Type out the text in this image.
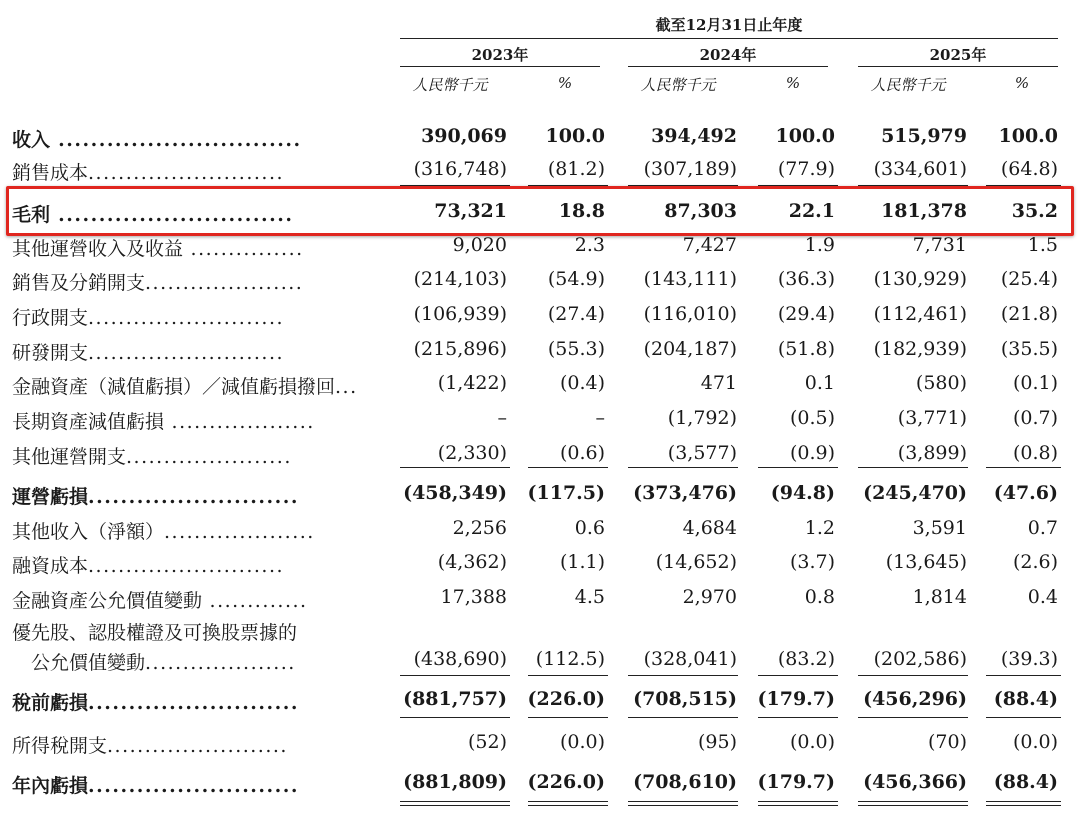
截至12月31日止年度
2023年	2024年	2025年
人民幣千元	%	人民幣千元	%	人民幣千元	%
收入 ..............................	390,069	100.0	394,492	100.0	515,979	100.0
銷售成本..........................	(316,748)	(81.2)	(307,189)	(77.9)	(334,601)	(64.8)
毛利 .............................	73,321	18.8	87,303	22.1	181,378	35.2
其他運營收入及收益 ...............	9,020	2.3	7,427	1.9	7,731	1.5
銷售及分銷開支.....................	(214,103)	(54.9)	(143,111)	(36.3)	(130,929)	(25.4)
行政開支..........................	(106,939)	(27.4)	(116,010)	(29.4)	(112,461)	(21.8)
研發開支..........................	(215,896)	(55.3)	(204,187)	(51.8)	(182,939)	(35.5)
金融資產（減值虧損）／減值虧損撥回...	(1,422)	(0.4)	471	0.1	(580)	(0.1)
長期資產減值虧損 ...................	–	–	(1,792)	(0.5)	(3,771)	(0.7)
其他運營開支......................	(2,330)	(0.6)	(3,577)	(0.9)	(3,899)	(0.8)
運營虧損..........................	(458,349)	(117.5)	(373,476)	(94.8)	(245,470)	(47.6)
其他收入（淨額）....................	2,256	0.6	4,684	1.2	3,591	0.7
融資成本..........................	(4,362)	(1.1)	(14,652)	(3.7)	(13,645)	(2.6)
金融資產公允價值變動 .............	17,388	4.5	2,970	0.8	1,814	0.4
優先股、認股權證及可換股票據的
　公允價值變動....................	(438,690)	(112.5)	(328,041)	(83.2)	(202,586)	(39.3)
稅前虧損..........................	(881,757)	(226.0)	(708,515)	(179.7)	(456,296)	(88.4)
所得稅開支........................	(52)	(0.0)	(95)	(0.0)	(70)	(0.0)
年內虧損..........................	(881,809)	(226.0)	(708,610)	(179.7)	(456,366)	(88.4)
